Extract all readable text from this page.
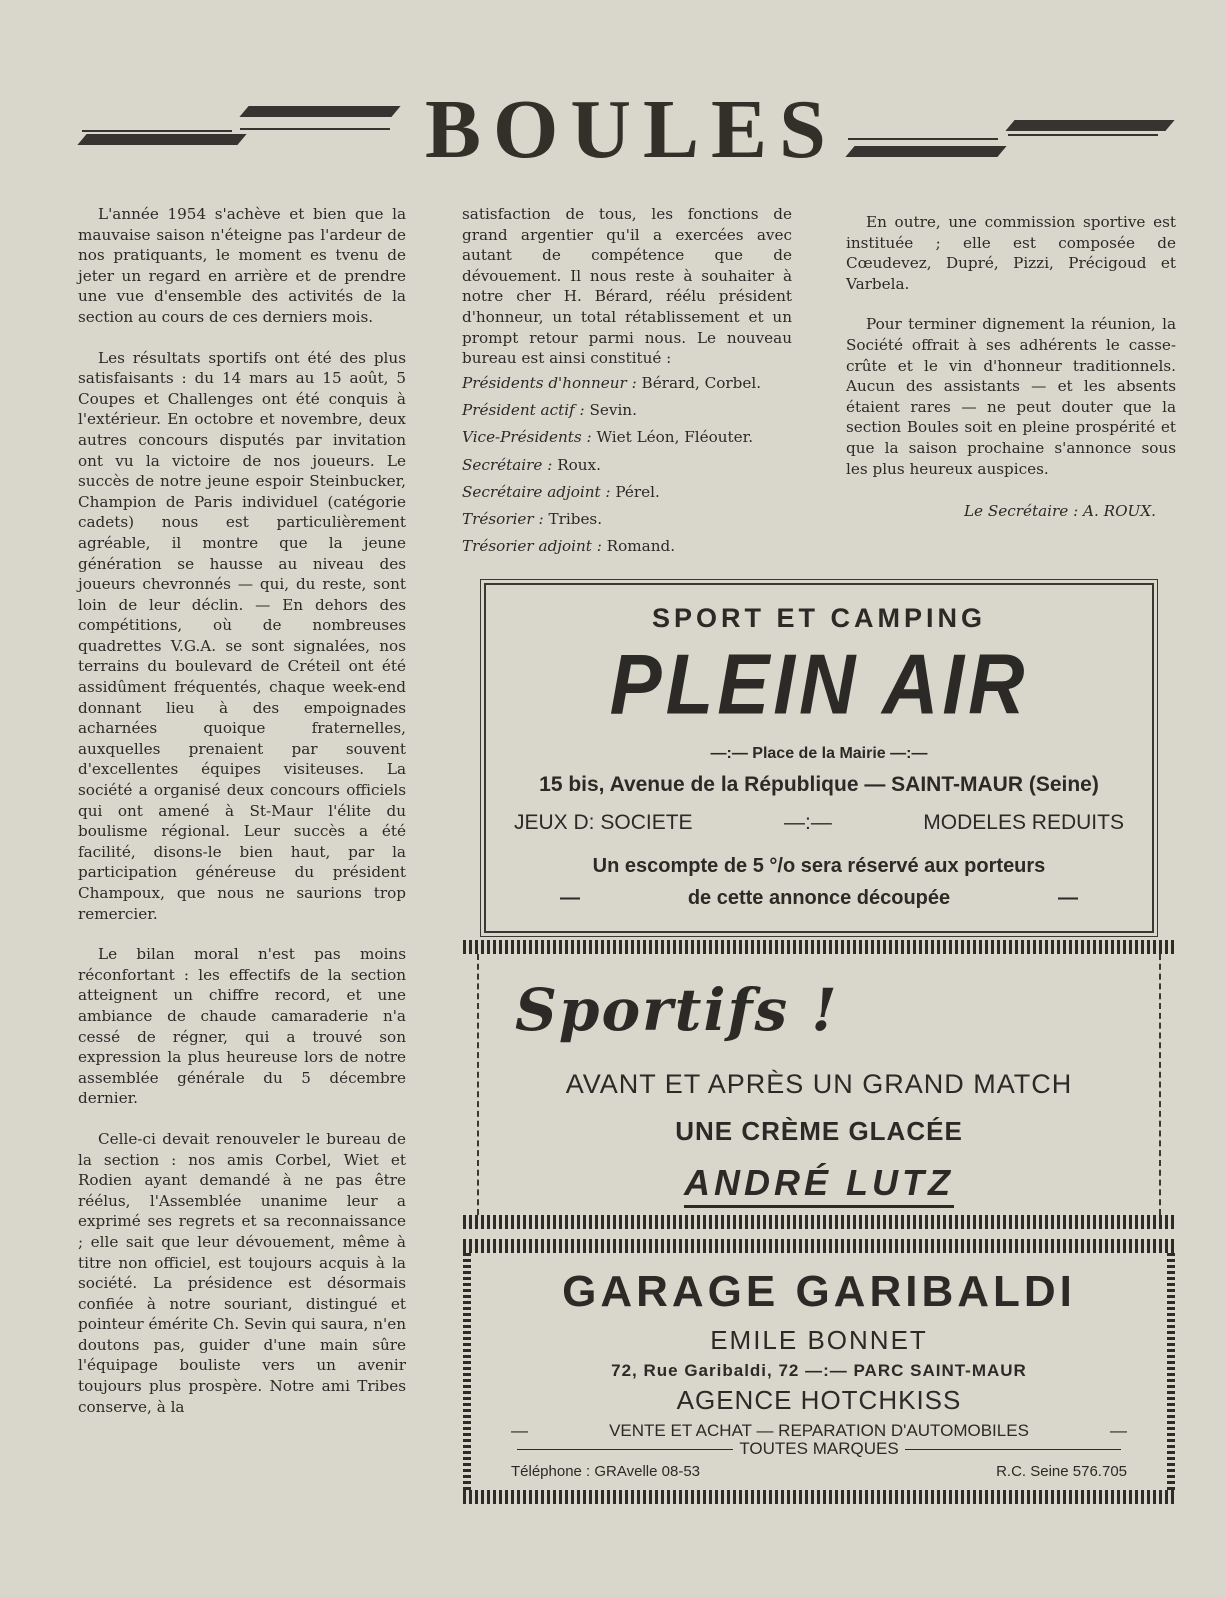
BOULES

L'année 1954 s'achève et bien que la mauvaise saison n'éteigne pas l'ardeur de nos pratiquants, le moment es tvenu de jeter un regard en arrière et de prendre une vue d'ensemble des activités de la section au cours de ces derniers mois.

Les résultats sportifs ont été des plus satisfaisants : du 14 mars au 15 août, 5 Coupes et Challenges ont été conquis à l'extérieur. En octobre et novembre, deux autres concours disputés par invitation ont vu la victoire de nos joueurs. Le succès de notre jeune espoir Steinbucker, Champion de Paris individuel (catégorie cadets) nous est particulièrement agréable, il montre que la jeune génération se hausse au niveau des joueurs chevronnés — qui, du reste, sont loin de leur déclin. — En dehors des compétitions, où de nombreuses quadrettes V.G.A. se sont signalées, nos terrains du boulevard de Créteil ont été assidûment fréquentés, chaque week-end donnant lieu à des empoignades acharnées quoique fraternelles, auxquelles prenaient par souvent d'excellentes équipes visiteuses. La société a organisé deux concours officiels qui ont amené à St-Maur l'élite du boulisme régional. Leur succès a été facilité, disons-le bien haut, par la participation généreuse du président Champoux, que nous ne saurions trop remercier.

Le bilan moral n'est pas moins réconfortant : les effectifs de la section atteignent un chiffre record, et une ambiance de chaude camaraderie n'a cessé de régner, qui a trouvé son expression la plus heureuse lors de notre assemblée générale du 5 décembre dernier.

Celle-ci devait renouveler le bureau de la section : nos amis Corbel, Wiet et Rodien ayant demandé à ne pas être réélus, l'Assemblée unanime leur a exprimé ses regrets et sa reconnaissance ; elle sait que leur dévouement, même à titre non officiel, est toujours acquis à la société. La présidence est désormais confiée à notre souriant, distingué et pointeur émérite Ch. Sevin qui saura, n'en doutons pas, guider d'une main sûre l'équipage bouliste vers un avenir toujours plus prospère. Notre ami Tribes conserve, à la

satisfaction de tous, les fonctions de grand argentier qu'il a exercées avec autant de compétence que de dévouement. Il nous reste à souhaiter à notre cher H. Bérard, réélu président d'honneur, un total rétablissement et un prompt retour parmi nous. Le nouveau bureau est ainsi constitué :

Présidents d'honneur : Bérard, Corbel.
Président actif : Sevin.
Vice-Présidents : Wiet Léon, Fléouter.
Secrétaire : Roux.
Secrétaire adjoint : Pérel.
Trésorier : Tribes.
Trésorier adjoint : Romand.

En outre, une commission sportive est instituée ; elle est composée de Cœudevez, Dupré, Pizzi, Précigoud et Varbela.

Pour terminer dignement la réunion, la Société offrait à ses adhérents le casse-crûte et le vin d'honneur traditionnels. Aucun des assistants — et les absents étaient rares — ne peut douter que la section Boules soit en pleine prospérité et que la saison prochaine s'annonce sous les plus heureux auspices.

Le Secrétaire : A. ROUX.
SPORT ET CAMPING
PLEIN AIR
—:— Place de la Mairie —:—
15 bis, Avenue de la République — SAINT-MAUR (Seine)
JEUX D: SOCIETE	—:—	MODELES REDUITS
Un escompte de 5 °/o sera réservé aux porteurs
—	de cette annonce découpée	—
Sportifs !
AVANT ET APRÈS UN GRAND MATCH
UNE CRÈME GLACÉE
ANDRÉ LUTZ
GARAGE GARIBALDI
EMILE BONNET
72, Rue Garibaldi, 72 —:— PARC SAINT-MAUR
AGENCE HOTCHKISS
—	VENTE ET ACHAT — REPARATION D'AUTOMOBILES	—
TOUTES MARQUES
Téléphone : GRAvelle 08-53	R.C. Seine 576.705
